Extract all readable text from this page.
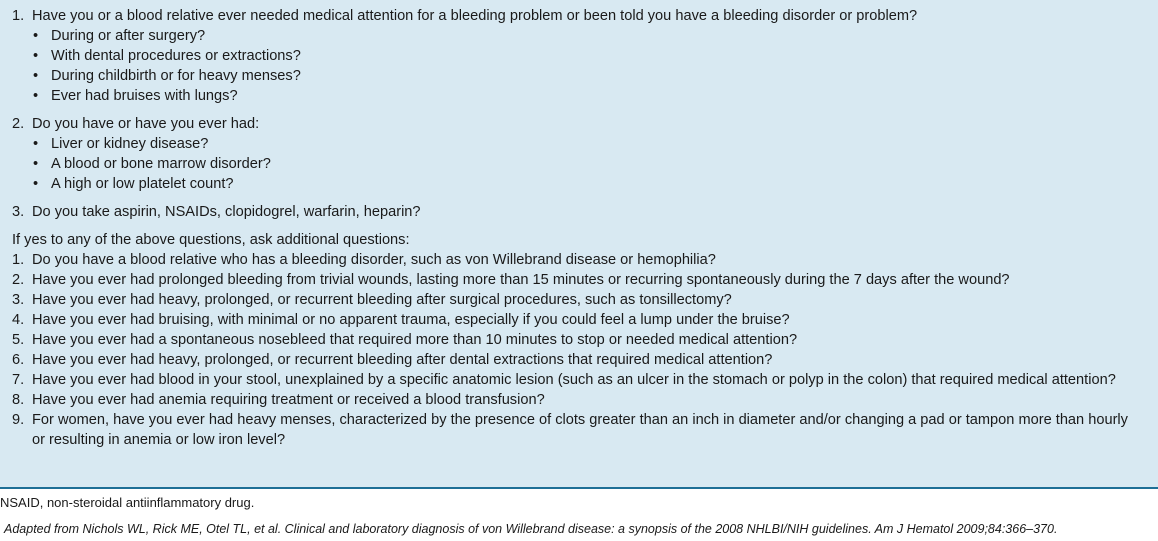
1. Have you or a blood relative ever needed medical attention for a bleeding problem or been told you have a bleeding disorder or problem?
• During or after surgery?
• With dental procedures or extractions?
• During childbirth or for heavy menses?
• Ever had bruises with lungs?
2. Do you have or have you ever had:
• Liver or kidney disease?
• A blood or bone marrow disorder?
• A high or low platelet count?
3. Do you take aspirin, NSAIDs, clopidogrel, warfarin, heparin?
If yes to any of the above questions, ask additional questions:
1. Do you have a blood relative who has a bleeding disorder, such as von Willebrand disease or hemophilia?
2. Have you ever had prolonged bleeding from trivial wounds, lasting more than 15 minutes or recurring spontaneously during the 7 days after the wound?
3. Have you ever had heavy, prolonged, or recurrent bleeding after surgical procedures, such as tonsillectomy?
4. Have you ever had bruising, with minimal or no apparent trauma, especially if you could feel a lump under the bruise?
5. Have you ever had a spontaneous nosebleed that required more than 10 minutes to stop or needed medical attention?
6. Have you ever had heavy, prolonged, or recurrent bleeding after dental extractions that required medical attention?
7. Have you ever had blood in your stool, unexplained by a specific anatomic lesion (such as an ulcer in the stomach or polyp in the colon) that required medical attention?
8. Have you ever had anemia requiring treatment or received a blood transfusion?
9. For women, have you ever had heavy menses, characterized by the presence of clots greater than an inch in diameter and/or changing a pad or tampon more than hourly or resulting in anemia or low iron level?
NSAID, non-steroidal antiinflammatory drug.
Adapted from Nichols WL, Rick ME, Otel TL, et al. Clinical and laboratory diagnosis of von Willebrand disease: a synopsis of the 2008 NHLBI/NIH guidelines. Am J Hematol 2009;84:366–370.
